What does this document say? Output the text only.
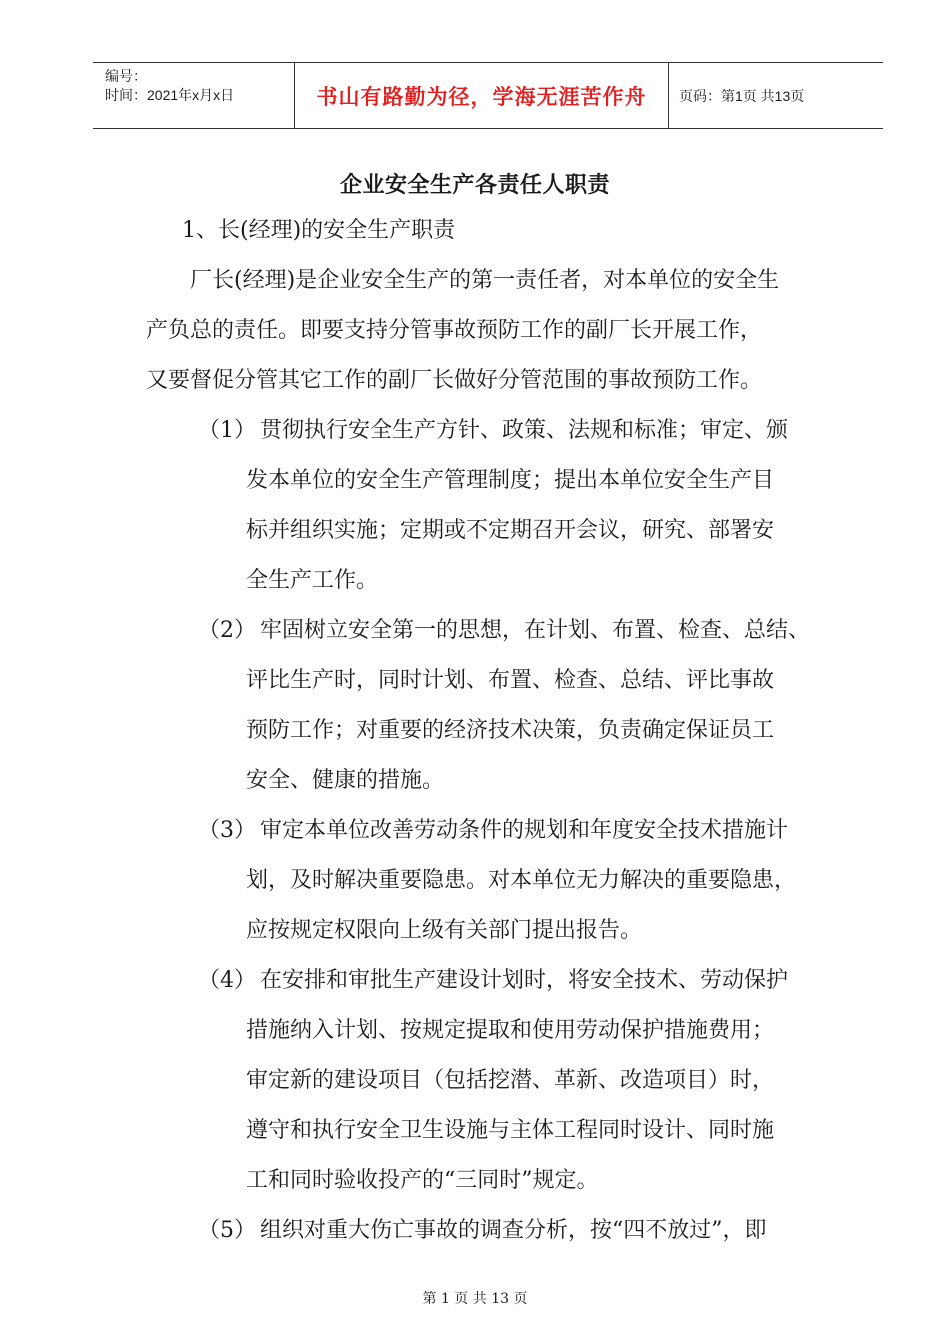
编号：
时间：2021年x月x日	书山有路勤为径，学海无涯苦作舟 页码：第1页 共13页
企业安全生产各责任人职责
1、长(经理)的安全生产职责
厂长(经理)是企业安全生产的第一责任者，对本单位的安全生
产负总的责任。即要支持分管事故预防工作的副厂长开展工作，
又要督促分管其它工作的副厂长做好分管范围的事故预防工作。
（1） 贯彻执行安全生产方针、政策、法规和标准；审定、颁
发本单位的安全生产管理制度；提出本单位安全生产目
标并组织实施；定期或不定期召开会议，研究、部署安
全生产工作。
（2） 牢固树立安全第一的思想，在计划、布置、检查、总结、
评比生产时，同时计划、布置、检查、总结、评比事故
预防工作；对重要的经济技术决策，负责确定保证员工
安全、健康的措施。
（3） 审定本单位改善劳动条件的规划和年度安全技术措施计
划，及时解决重要隐患。对本单位无力解决的重要隐患，
应按规定权限向上级有关部门提出报告。
（4） 在安排和审批生产建设计划时，将安全技术、劳动保护
措施纳入计划、按规定提取和使用劳动保护措施费用；
审定新的建设项目（包括挖潜、革新、改造项目）时，
遵守和执行安全卫生设施与主体工程同时设计、同时施
工和同时验收投产的“三同时”规定。
（5） 组织对重大伤亡事故的调查分析，按“四不放过”，即
第 1 页 共 13 页
